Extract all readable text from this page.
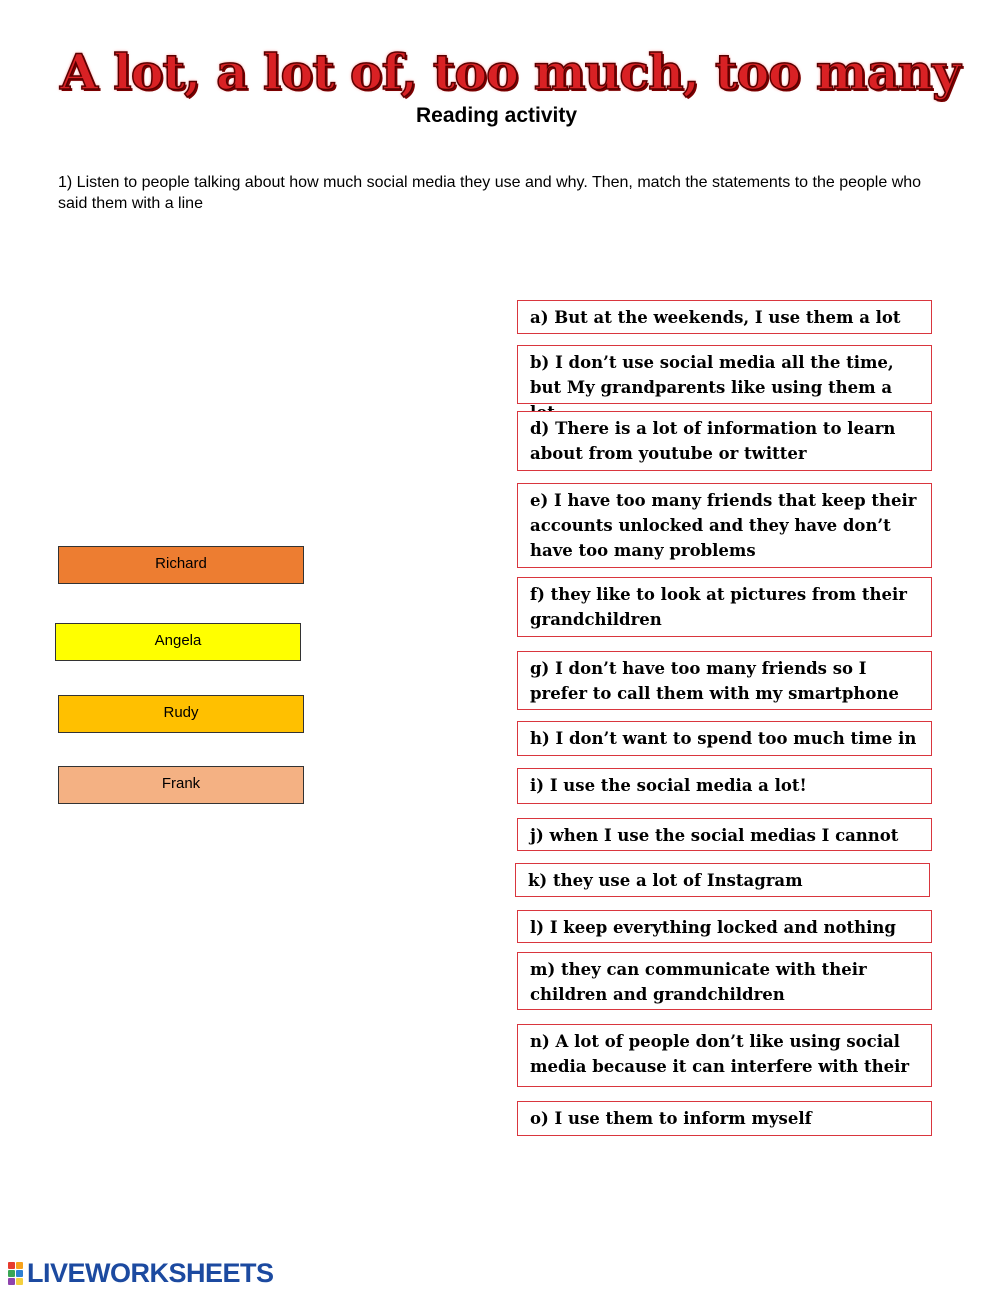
A lot, a lot of, too much, too many
Reading activity
1) Listen to people talking about how much social media they use and why. Then, match the statements to the people who said them with a line
Richard
Angela
Rudy
Frank
a) But at the weekends, I use them a lot
b) I don’t use social media all the time, but My grandparents like using them a
d) There is a lot of information to learn about from youtube or twitter
e) I have too many friends that keep their accounts unlocked and they have don’t have too many problems
f) they like to look at pictures from their grandchildren
g) I don’t have too many friends so I prefer to call them with my smartphone
h) I don’t want to spend too much time in
i) I use the social media a lot!
j) when I use the social medias I cannot
k) they use a lot of Instagram
l) I keep everything locked and nothing
m) they can communicate with their children and grandchildren
n) A lot of people don’t like using social media because it can interfere with their
o) I use them to inform myself
LIVEWORKSHEETS
